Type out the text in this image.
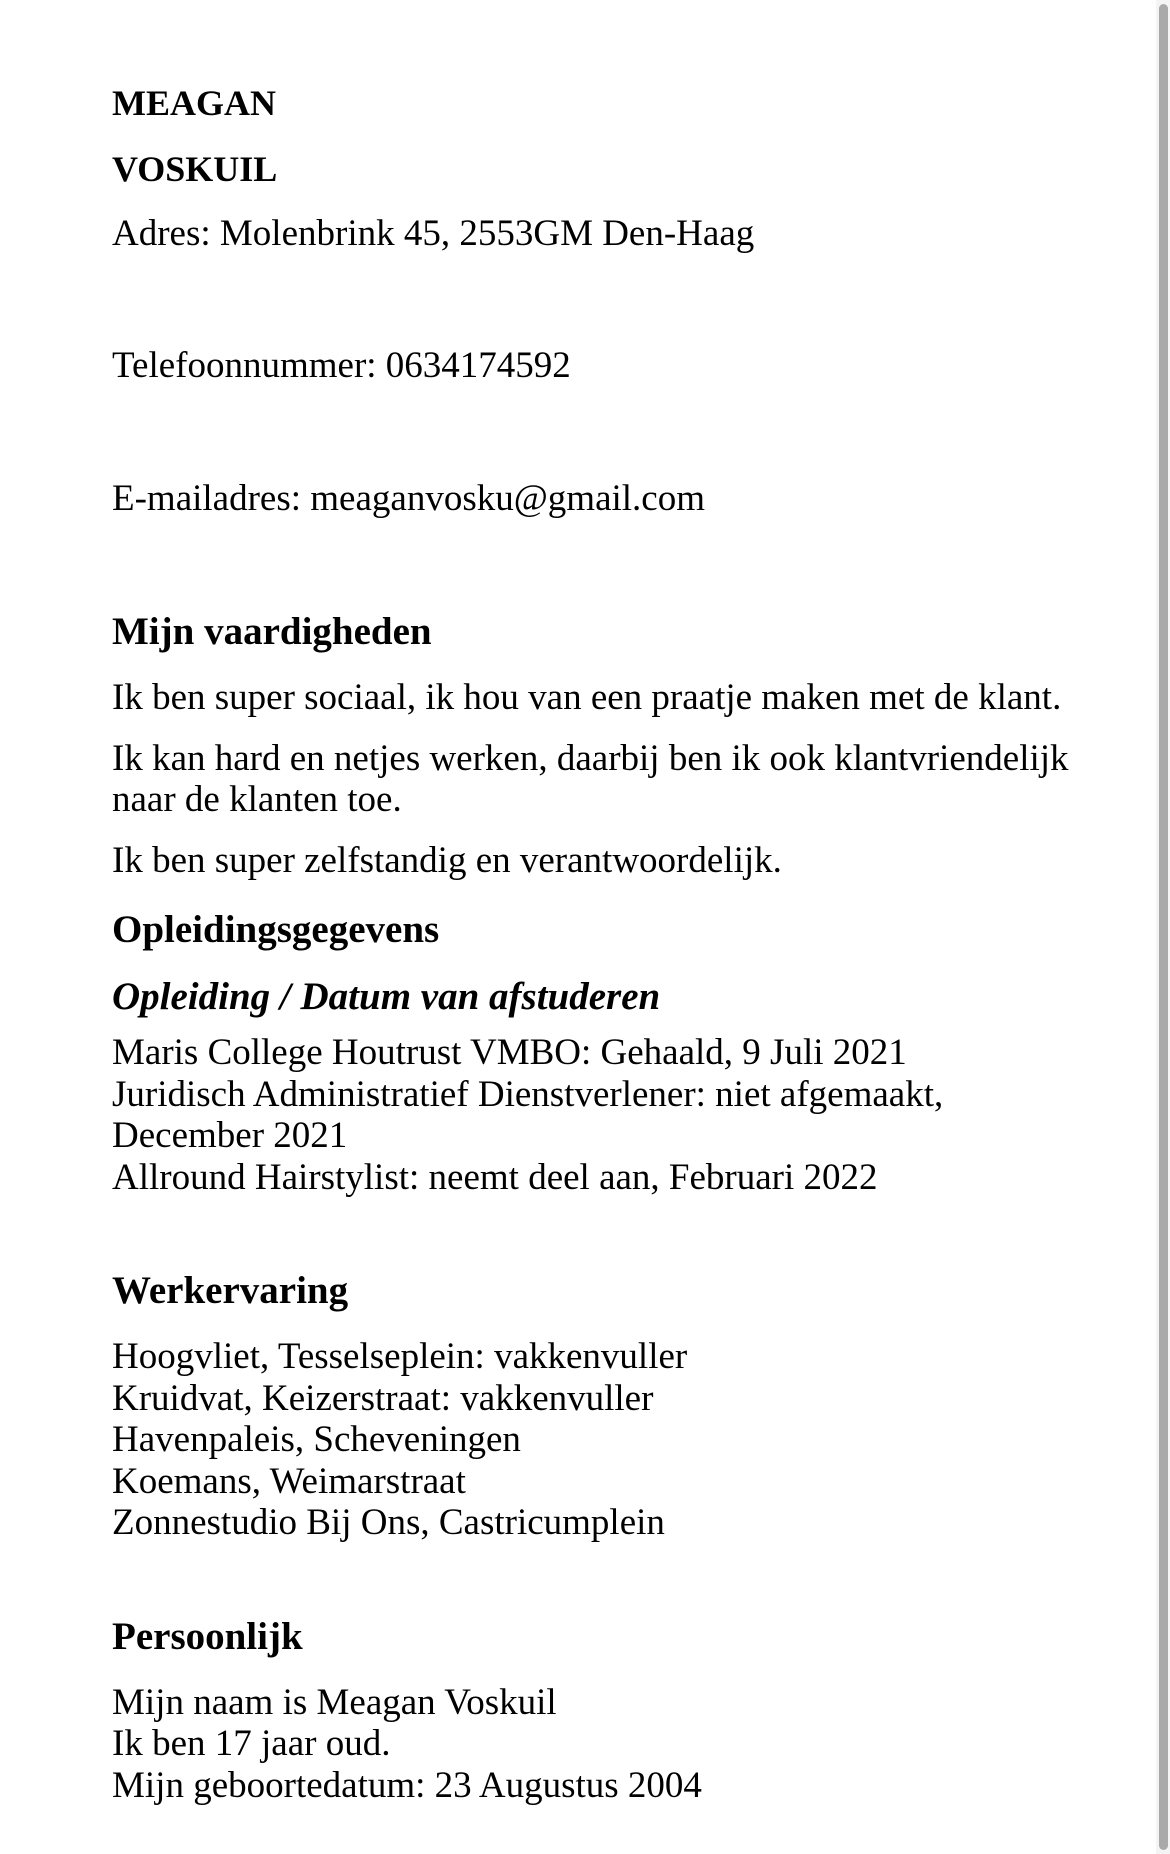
MEAGAN
VOSKUIL
Adres: Molenbrink 45, 2553GM Den-Haag
Telefoonnummer: 0634174592
E-mailadres: meaganvosku@gmail.com
Mijn vaardigheden
Ik ben super sociaal, ik hou van een praatje maken met de klant.
Ik kan hard en netjes werken, daarbij ben ik ook klantvriendelijk
naar de klanten toe.
Ik ben super zelfstandig en verantwoordelijk.
Opleidingsgegevens
Opleiding / Datum van afstuderen
Maris College Houtrust VMBO: Gehaald, 9 Juli 2021
Juridisch Administratief Dienstverlener: niet afgemaakt,
December 2021
Allround Hairstylist: neemt deel aan, Februari 2022
Werkervaring
Hoogvliet, Tesselseplein: vakkenvuller
Kruidvat, Keizerstraat: vakkenvuller
Havenpaleis, Scheveningen
Koemans, Weimarstraat
Zonnestudio Bij Ons, Castricumplein
Persoonlijk
Mijn naam is Meagan Voskuil
Ik ben 17 jaar oud.
Mijn geboortedatum: 23 Augustus 2004
